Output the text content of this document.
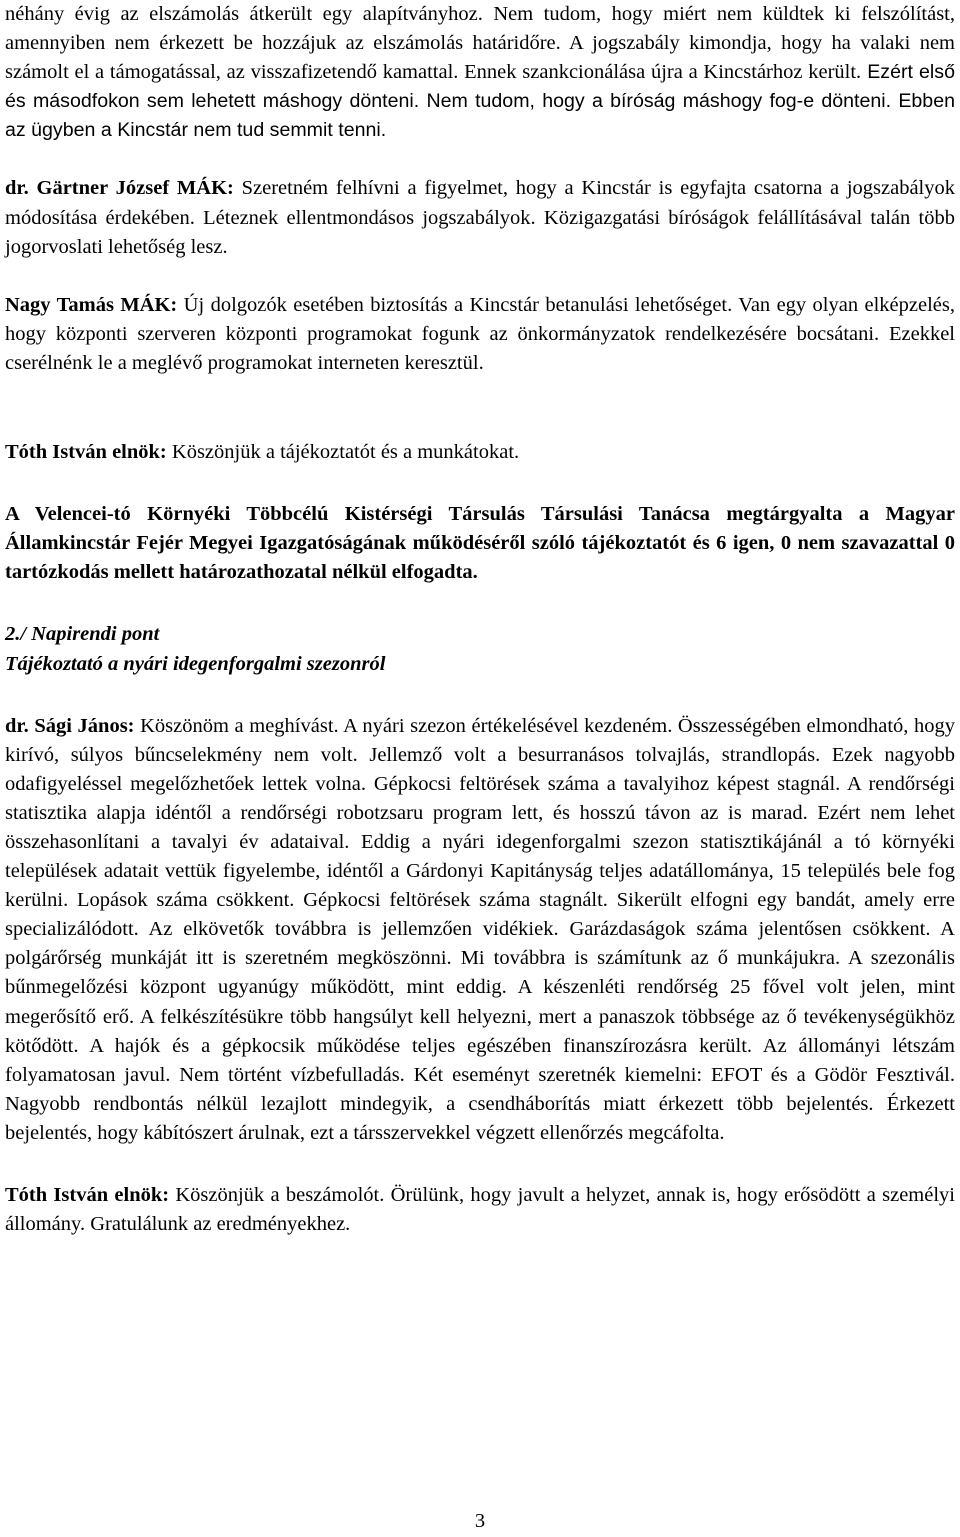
néhány évig az elszámolás átkerült egy alapítványhoz. Nem tudom, hogy miért nem küldtek ki felszólítást, amennyiben nem érkezett be hozzájuk az elszámolás határidőre. A jogszabály kimondja, hogy ha valaki nem számolt el a támogatással, az visszafizetendő kamattal. Ennek szankcionálása újra a Kincstárhoz került. Ezért első és másodfokon sem lehetett máshogy dönteni. Nem tudom, hogy a bíróság máshogy fog-e dönteni. Ebben az ügyben a Kincstár nem tud semmit tenni.

dr. Gärtner József MÁK: Szeretném felhívni a figyelmet, hogy a Kincstár is egyfajta csatorna a jogszabályok módosítása érdekében. Léteznek ellentmondásos jogszabályok. Közigazgatási bíróságok felállításával talán több jogorvoslati lehetőség lesz.

Nagy Tamás MÁK: Új dolgozók esetében biztosítás a Kincstár betanulási lehetőséget. Van egy olyan elképzelés, hogy központi szerveren központi programokat fogunk az önkormányzatok rendelkezésére bocsátani. Ezekkel cserélnénk le a meglévő programokat interneten keresztül.

Tóth István elnök: Köszönjük a tájékoztatót és a munkátokat.

A Velencei-tó Környéki Többcélú Kistérségi Társulás Társulási Tanácsa megtárgyalta a Magyar Államkincstár Fejér Megyei Igazgatóságának működéséről szóló tájékoztatót és 6 igen, 0 nem szavazattal 0 tartózkodás mellett határozathozatal nélkül elfogadta.

2./ Napirendi pont

Tájékoztató a nyári idegenforgalmi szezonról

dr. Sági János: Köszönöm a meghívást. A nyári szezon értékelésével kezdeném. Összességében elmondható, hogy kirívó, súlyos bűncselekmény nem volt. Jellemző volt a besurranásos tolvajlás, strandlopás. Ezek nagyobb odafigyeléssel megelőzhetőek lettek volna. Gépkocsi feltörések száma a tavalyihoz képest stagnál. A rendőrségi statisztika alapja idéntől a rendőrségi robotzsaru program lett, és hosszú távon az is marad. Ezért nem lehet összehasonlítani a tavalyi év adataival. Eddig a nyári idegenforgalmi szezon statisztikájánál a tó környéki települések adatait vettük figyelembe, idéntől a Gárdonyi Kapitányság teljes adatállománya, 15 település bele fog kerülni. Lopások száma csökkent. Gépkocsi feltörések száma stagnált. Sikerült elfogni egy bandát, amely erre specializálódott. Az elkövetők továbbra is jellemzően vidékiek. Garázdaságok száma jelentősen csökkent. A polgárőrség munkáját itt is szeretném megköszönni. Mi továbbra is számítunk az ő munkájukra. A szezonális bűnmegelőzési központ ugyanúgy működött, mint eddig. A készenléti rendőrség 25 fővel volt jelen, mint megerősítő erő. A felkészítésükre több hangsúlyt kell helyezni, mert a panaszok többsége az ő tevékenységükhöz kötődött. A hajók és a gépkocsik működése teljes egészében finanszírozásra került. Az állományi létszám folyamatosan javul. Nem történt vízbefulladás. Két eseményt szeretnék kiemelni: EFOT és a Gödör Fesztivál. Nagyobb rendbontás nélkül lezajlott mindegyik, a csendháborítás miatt érkezett több bejelentés. Érkezett bejelentés, hogy kábítószert árulnak, ezt a társszervekkel végzett ellenőrzés megcáfolta.

Tóth István elnök: Köszönjük a beszámolót. Örülünk, hogy javult a helyzet, annak is, hogy erősödött a személyi állomány. Gratulálunk az eredményekhez.

3
